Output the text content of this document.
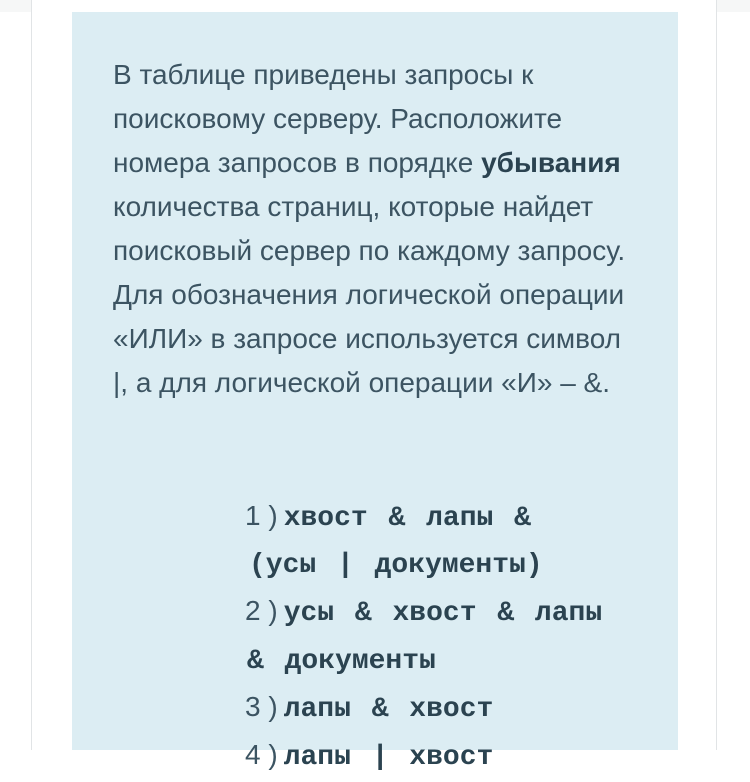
В таблице приведены запросы к поисковому серверу. Расположите номера запросов в порядке убывания количества страниц, которые найдет поисковый сервер по каждому запросу. Для обозначения логической операции «ИЛИ» в запросе используется символ |, а для логической операции «И» – &.

1 ) хвост & лапы &
(усы | документы)
2 ) усы & хвост & лапы
& документы
3 ) лапы & хвост
4 ) лапы | хвост
